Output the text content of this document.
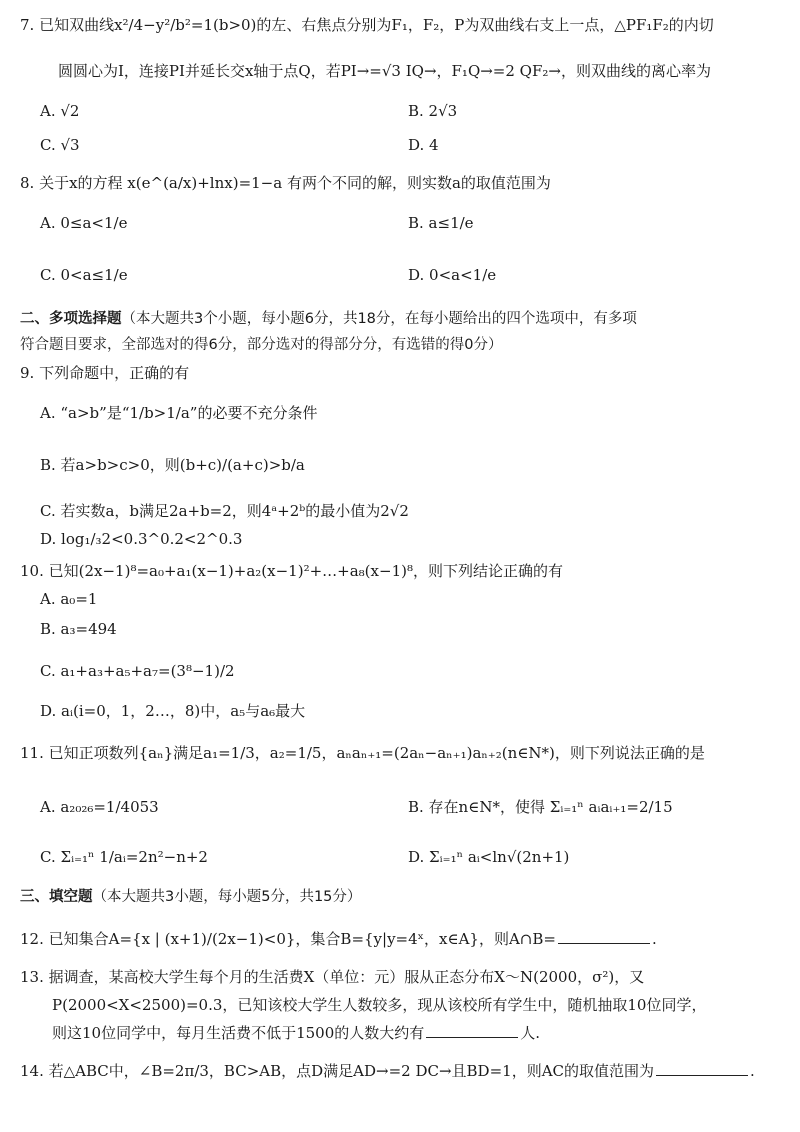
7. 已知双曲线x²/4−y²/b²=1(b>0)的左、右焦点分别为F₁，F₂，P为双曲线右支上一点，△PF₁F₂的内切
圆圆心为I，连接PI并延长交x轴于点Q，若PI→=√3 IQ→，F₁Q→=2 QF₂→，则双曲线的离心率为
A. √2	B. 2√3
C. √3	D. 4
8. 关于x的方程 x(e^(a/x)+lnx)=1−a 有两个不同的解，则实数a的取值范围为
A. 0≤a<1/e	B. a≤1/e
C. 0<a≤1/e	D. 0<a<1/e
二、多项选择题（本大题共3个小题，每小题6分，共18分，在每小题给出的四个选项中，有多项
符合题目要求，全部选对的得6分，部分选对的得部分分，有选错的得0分）
9. 下列命题中，正确的有
A. “a>b”是“1/b>1/a”的必要不充分条件
B. 若a>b>c>0，则(b+c)/(a+c)>b/a
C. 若实数a，b满足2a+b=2，则4ᵃ+2ᵇ的最小值为2√2
D. log₁/₃2<0.3^0.2<2^0.3
10. 已知(2x−1)⁸=a₀+a₁(x−1)+a₂(x−1)²+…+a₈(x−1)⁸，则下列结论正确的有
A. a₀=1
B. a₃=494
C. a₁+a₃+a₅+a₇=(3⁸−1)/2
D. aᵢ(i=0，1，2…，8)中，a₅与a₆最大
11. 已知正项数列{aₙ}满足a₁=1/3，a₂=1/5，aₙaₙ₊₁=(2aₙ−aₙ₊₁)aₙ₊₂(n∈N*)，则下列说法正确的是
A. a₂₀₂₆=1/4053	B. 存在n∈N*，使得 Σᵢ₌₁ⁿ aᵢaᵢ₊₁=2/15
C. Σᵢ₌₁ⁿ 1/aᵢ=2n²−n+2	D. Σᵢ₌₁ⁿ aᵢ<ln√(2n+1)
三、填空题（本大题共3小题，每小题5分，共15分）
12. 已知集合A={x | (x+1)/(2x−1)<0}，集合B={y|y=4ˣ，x∈A}，则A∩B=	.
13. 据调查，某高校大学生每个月的生活费X（单位：元）服从正态分布X～N(2000，σ²)，又
P(2000<X<2500)=0.3，已知该校大学生人数较多，现从该校所有学生中，随机抽取10位同学，
则这10位同学中，每月生活费不低于1500的人数大约有	人.
14. 若△ABC中，∠B=2π/3，BC>AB，点D满足AD→=2 DC→且BD=1，则AC的取值范围为	.
